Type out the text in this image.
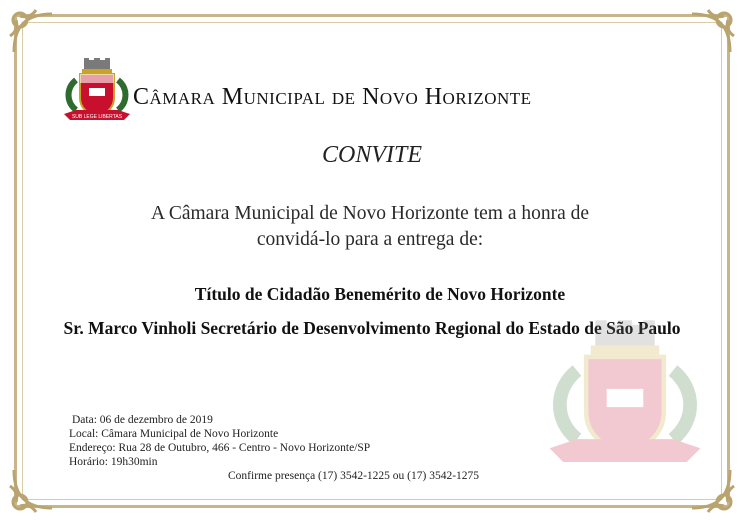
SUB LEGE LIBERTAS
Câmara Municipal de Novo Horizonte
CONVITE
A Câmara Municipal de Novo Horizonte tem a honra de
convidá-lo para a entrega de:
Título de Cidadão Benemérito de Novo Horizonte
Sr. Marco Vinholi Secretário de Desenvolvimento Regional do Estado de São Paulo
Data: 06 de dezembro de 2019
Local: Câmara Municipal de Novo Horizonte
Endereço: Rua 28 de Outubro, 466 - Centro - Novo Horizonte/SP
Horário: 19h30min
Confirme presença (17) 3542-1225 ou (17) 3542-1275
